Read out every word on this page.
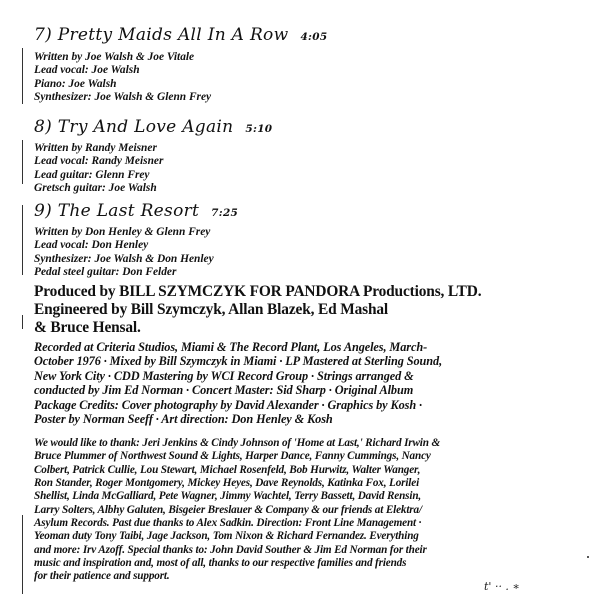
7) Pretty Maids All In A Row 4:05
Written by Joe Walsh & Joe Vitale
Lead vocal: Joe Walsh
Piano: Joe Walsh
Synthesizer: Joe Walsh & Glenn Frey
8) Try And Love Again 5:10
Written by Randy Meisner
Lead vocal: Randy Meisner
Lead guitar: Glenn Frey
Gretsch guitar: Joe Walsh
9) The Last Resort 7:25
Written by Don Henley & Glenn Frey
Lead vocal: Don Henley
Synthesizer: Joe Walsh & Don Henley
Pedal steel guitar: Don Felder
Produced by BILL SZYMCZYK FOR PANDORA Productions, LTD.
Engineered by Bill Szymczyk, Allan Blazek, Ed Mashal
& Bruce Hensal.
Recorded at Criteria Studios, Miami & The Record Plant, Los Angeles, March-
October 1976 · Mixed by Bill Szymczyk in Miami · LP Mastered at Sterling Sound,
New York City · CDD Mastering by WCI Record Group · Strings arranged &
conducted by Jim Ed Norman · Concert Master: Sid Sharp · Original Album
Package Credits: Cover photography by David Alexander · Graphics by Kosh ·
Poster by Norman Seeff · Art direction: Don Henley & Kosh
We would like to thank: Jeri Jenkins & Cindy Johnson of 'Home at Last,' Richard Irwin &
Bruce Plummer of Northwest Sound & Lights, Harper Dance, Fanny Cummings, Nancy
Colbert, Patrick Cullie, Lou Stewart, Michael Rosenfeld, Bob Hurwitz, Walter Wanger,
Ron Stander, Roger Montgomery, Mickey Heyes, Dave Reynolds, Katinka Fox, Lorilei
Shellist, Linda McGalliard, Pete Wagner, Jimmy Wachtel, Terry Bassett, David Rensin,
Larry Solters, Albhy Galuten, Bisgeier Breslauer & Company & our friends at Elektra/
Asylum Records. Past due thanks to Alex Sadkin. Direction: Front Line Management ·
Yeoman duty Tony Taibi, Jage Jackson, Tom Nixon & Richard Fernandez. Everything
and more: Irv Azoff. Special thanks to: John David Souther & Jim Ed Norman for their
music and inspiration and, most of all, thanks to our respective families and friends
for their patience and support.
t' ·· . ∗
